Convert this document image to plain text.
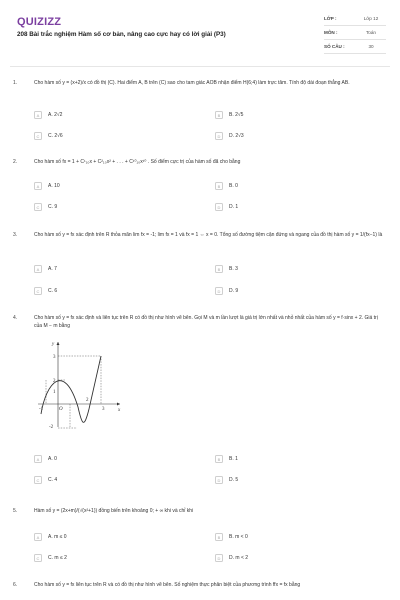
QUIZIZZ
208 Bài trắc nghiệm Hàm số cơ bản, nâng cao cực hay có lời giải (P3)
LỚP :	Lớp 12
MÔN :	Toán
SỐ CÂU :	30
1.	Cho hàm số y = (x+2)/x có đồ thị (C). Hai điểm A, B trên (C) sao cho tam giác AOB nhận điểm H(6;4) làm trực tâm. Tính độ dài đoạn thẳng AB.
A	A. 2√2	B	B. 2√5
C	C. 2√6	D	D. 2√3
2.	Cho hàm số fx = 1 + C¹₁₀x + C²₁₀x² + . . . + C¹⁰₁₀x¹⁰ . Số điểm cực trị của hàm số đã cho bằng
A	A. 10	B	B. 0
C	C. 9	D	D. 1
3.	Cho hàm số y = fx xác định trên R thỏa mãn lim fx = -1; lim fx = 1 và fx = 1 ⇔ x = 0. Tổng số đường tiệm cận đứng và ngang của đồ thị hàm số y = 1/(fx−1) là
A	A. 7	B	B. 3
C	C. 6	D	D. 9
4.	Cho hàm số y = fx xác định và liên tục trên R có đồ thị như hình vẽ bên. Gọi M và m lần lượt là giá trị lớn nhất và nhỏ nhất của hàm số y = f·sinx + 2. Giá trị của M − m bằng
y
x
O
3
2
1
-2
-1
2
3
A	A. 0	B	B. 1
C	C. 4	D	D. 5
5.	Hàm số y = (2x+m)/(√(x²+1)) đồng biến trên khoảng 0; + ∞ khi và chỉ khi
A	A. m ≤ 0	B	B. m < 0
C	C. m ≤ 2	D	D. m < 2
6.	Cho hàm số y = fx liên tục trên R và có đồ thị như hình vẽ bên. Số nghiệm thực phân biệt của phương trình ffx = fx bằng
